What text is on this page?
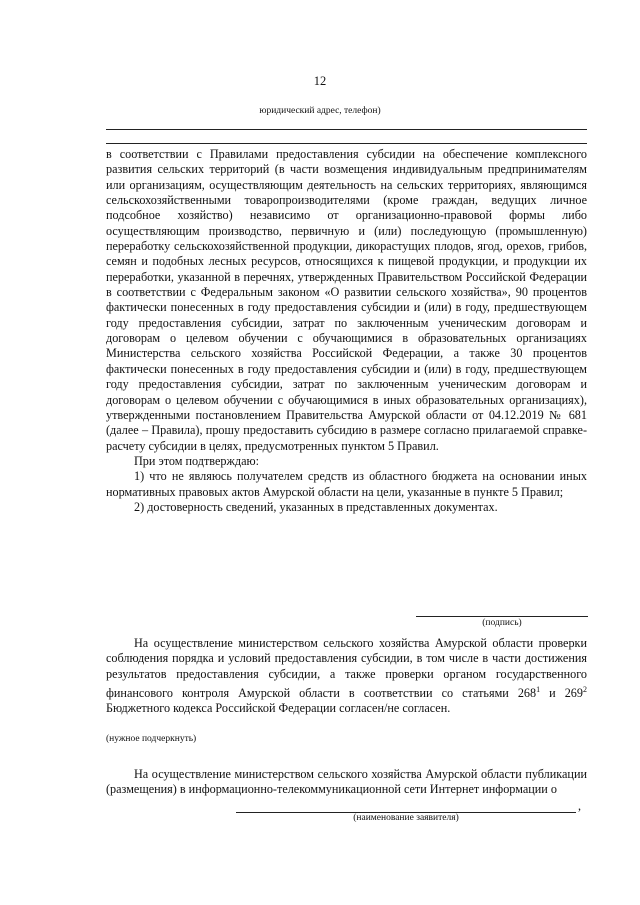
12
юридический адрес, телефон)

в соответствии с Правилами предоставления субсидии на обеспечение комплексного развития сельских территорий (в части возмещения индивидуальным предпринимателям или организациям, осуществляющим деятельность на сельских территориях, являющимся сельскохозяйственными товаропроизводителями (кроме граждан, ведущих личное подсобное хозяйство) независимо от организационно-правовой формы либо осуществляющим производство, первичную и (или) последующую (промышленную) переработку сельскохозяйственной продукции, дикорастущих плодов, ягод, орехов, грибов, семян и подобных лесных ресурсов, относящихся к пищевой продукции, и продукции их переработки, указанной в перечнях, утвержденных Правительством Российской Федерации в соответствии с Федеральным законом «О развитии сельского хозяйства», 90 процентов фактически понесенных в году предоставления субсидии и (или) в году, предшествующем году предоставления субсидии, затрат по заключенным ученическим договорам и договорам о целевом обучении с обучающимися в образовательных организациях Министерства сельского хозяйства Российской Федерации, а также 30 процентов фактически понесенных в году предоставления субсидии и (или) в году, предшествующем году предоставления субсидии, затрат по заключенным ученическим договорам и договорам о целевом обучении с обучающимися в иных образовательных организациях), утвержденными постановлением Правительства Амурской области от 04.12.2019 № 681 (далее – Правила), прошу предоставить субсидию в размере согласно прилагаемой справке-расчету субсидии в целях, предусмотренных пунктом 5 Правил.

При этом подтверждаю:

1) что не являюсь получателем средств из областного бюджета на основании иных нормативных правовых актов Амурской области на цели, указанные в пункте 5 Правил;

2) достоверность сведений, указанных в представленных документах.

(подпись)

На осуществление министерством сельского хозяйства Амурской области проверки соблюдения порядка и условий предоставления субсидии, в том числе в части достижения результатов предоставления субсидии, а также проверки органом государственного финансового контроля Амурской области в соответствии со статьями $268^1$ и $269^2$ Бюджетного кодекса Российской Федерации согласен/не согласен.

(нужное подчеркнуть)

На осуществление министерством сельского хозяйства Амурской области публикации (размещения) в информационно-телекоммуникационной сети Интернет информации о

,
(наименование заявителя)
